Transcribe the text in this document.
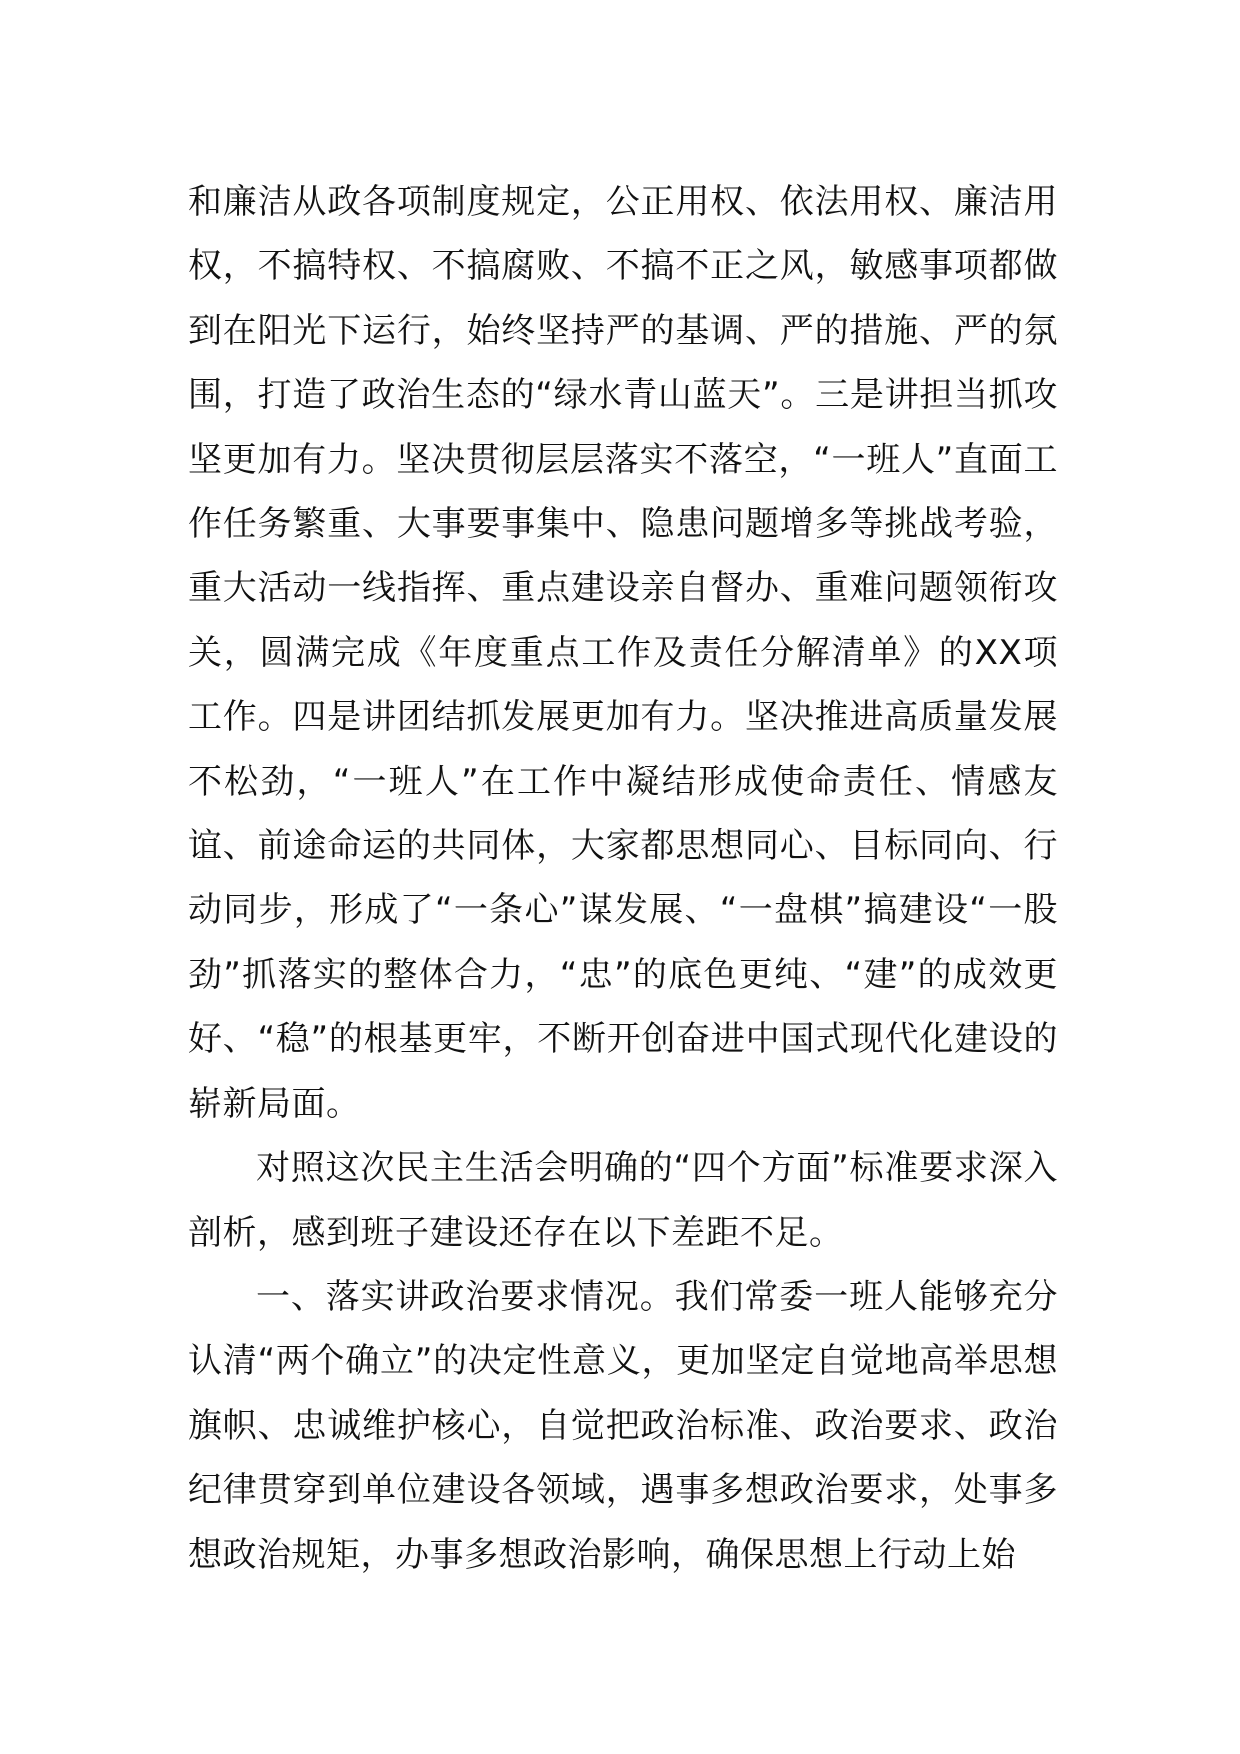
和廉洁从政各项制度规定，公正用权、依法用权、廉洁用权，不搞特权、不搞腐败、不搞不正之风，敏感事项都做到在阳光下运行，始终坚持严的基调、严的措施、严的氛围，打造了政治生态的“绿水青山蓝天”。三是讲担当抓攻坚更加有力。坚决贯彻层层落实不落空，“一班人”直面工作任务繁重、大事要事集中、隐患问题增多等挑战考验，重大活动一线指挥、重点建设亲自督办、重难问题领衔攻关，圆满完成《年度重点工作及责任分解清单》的XX项工作。四是讲团结抓发展更加有力。坚决推进高质量发展不松劲，“一班人”在工作中凝结形成使命责任、情感友谊、前途命运的共同体，大家都思想同心、目标同向、行动同步，形成了“一条心”谋发展、“一盘棋”搞建设“一股劲”抓落实的整体合力，“忠”的底色更纯、“建”的成效更好、“稳”的根基更牢，不断开创奋进中国式现代化建设的崭新局面。

对照这次民主生活会明确的“四个方面”标准要求深入剖析，感到班子建设还存在以下差距不足。

一、落实讲政治要求情况。我们常委一班人能够充分认清“两个确立”的决定性意义，更加坚定自觉地高举思想旗帜、忠诚维护核心，自觉把政治标准、政治要求、政治纪律贯穿到单位建设各领域，遇事多想政治要求，处事多想政治规矩，办事多想政治影响，确保思想上行动上始
